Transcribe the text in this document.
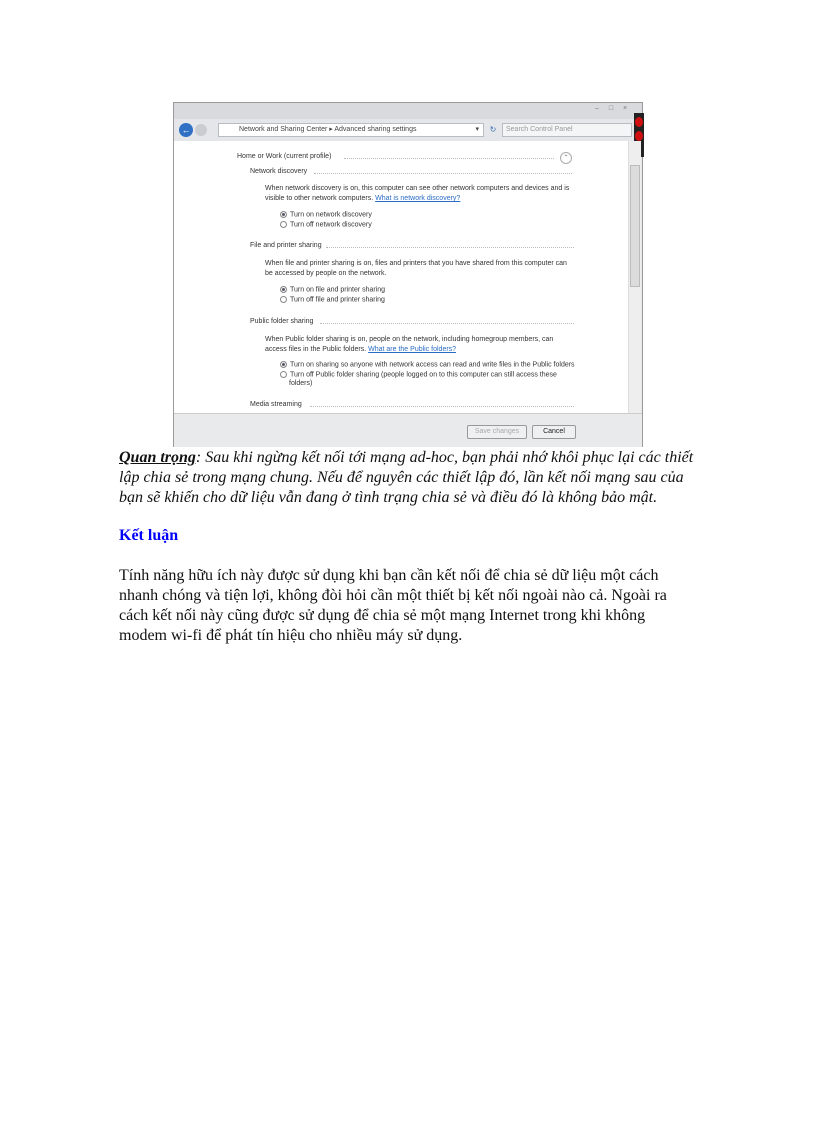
–	□	×
←	Network and Sharing Center ▸ Advanced sharing settings	▾	↻	Search Control Panel
Home or Work (current profile)	⌃
Network discovery
When network discovery is on, this computer can see other network computers and devices and is
visible to other network computers. What is network discovery?
Turn on network discovery
Turn off network discovery
File and printer sharing
When file and printer sharing is on, files and printers that you have shared from this computer can
be accessed by people on the network.
Turn on file and printer sharing
Turn off file and printer sharing
Public folder sharing
When Public folder sharing is on, people on the network, including homegroup members, can
access files in the Public folders. What are the Public folders?
Turn on sharing so anyone with network access can read and write files in the Public folders
Turn off Public folder sharing (people logged on to this computer can still access these
folders)
Media streaming
Save changes	Cancel
Quan trọng: Sau khi ngừng kết nối tới mạng ad-hoc, bạn phải nhớ khôi phục lại các thiết
lập chia sẻ trong mạng chung. Nếu để nguyên các thiết lập đó, lần kết nối mạng sau của
bạn sẽ khiến cho dữ liệu vẫn đang ở tình trạng chia sẻ và điều đó là không bảo mật.
Kết luận
Tính năng hữu ích này được sử dụng khi bạn cần kết nối để chia sẻ dữ liệu một cách
nhanh chóng và tiện lợi, không đòi hỏi cần một thiết bị kết nối ngoài nào cả. Ngoài ra
cách kết nối này cũng được sử dụng để chia sẻ một mạng Internet trong khi không
modem wi-fi để phát tín hiệu cho nhiều máy sử dụng.
